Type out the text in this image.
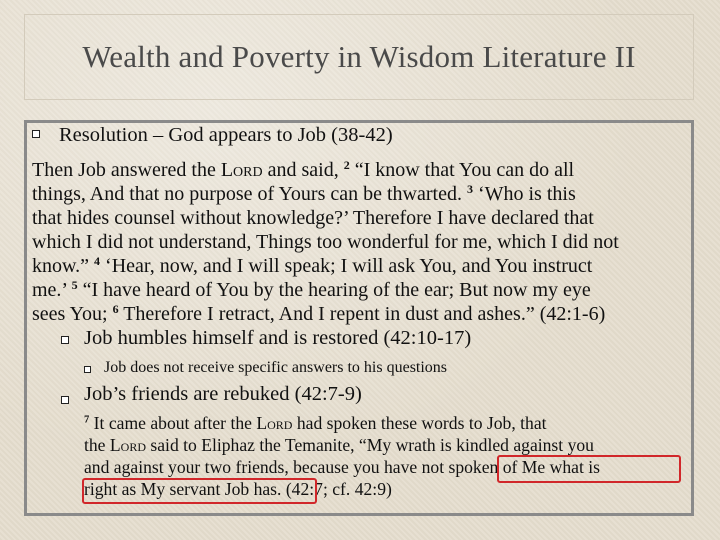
Wealth and Poverty in Wisdom Literature II
Resolution – God appears to Job (38-42)
Then Job answered the Lord and said, $^2$ “I know that You can do all
things, And that no purpose of Yours can be thwarted. $^3$ ‘Who is this
that hides counsel without knowledge?’ Therefore I have declared that
which I did not understand, Things too wonderful for me, which I did not
know.” $^4$ ‘Hear, now, and I will speak; I will ask You, and You instruct
me.’ $^5$ “I have heard of You by the hearing of the ear; But now my eye
sees You; $^6$ Therefore I retract, And I repent in dust and ashes.” (42:1-6)
Job humbles himself and is restored (42:10-17)
Job does not receive specific answers to his questions
Job’s friends are rebuked (42:7-9)
$^7$ It came about after the Lord had spoken these words to Job, that
the Lord said to Eliphaz the Temanite, “My wrath is kindled against you
and against your two friends, because you have not spoken of Me what is
right as My servant Job has. (42:7; cf. 42:9)
